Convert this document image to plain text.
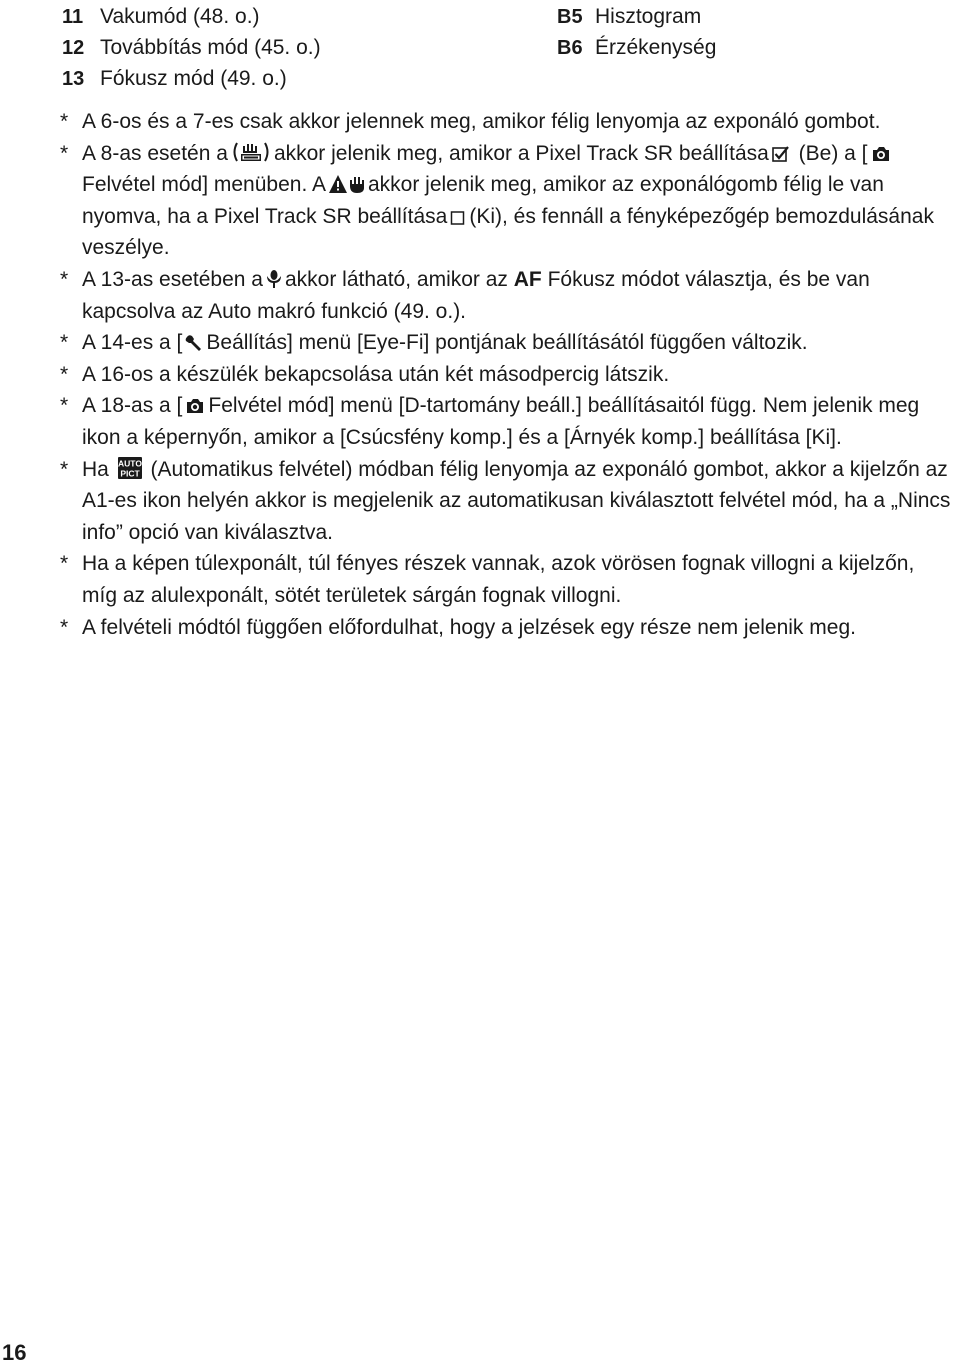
11 Vakumód (48. o.)
12 Továbbítás mód (45. o.)
13 Fókusz mód (49. o.)
B5 Hisztogram
B6 Érzékenység
* A 6-os és a 7-es csak akkor jelennek meg, amikor félig lenyomja az exponáló gombot.
* A 8-as esetén a akkor jelenik meg, amikor a Pixel Track SR beállítása (Be) a [
Felvétel mód] menüben. A akkor jelenik meg, amikor az exponálógomb félig le van nyomva, ha a Pixel Track SR beállítása (Ki), és fennáll a fényképezőgép bemozdulásának veszélye.
* A 13-as esetében a akkor látható, amikor az AF Fókusz módot választja, és be van kapcsolva az Auto makró funkció (49. o.).
* A 14-es a [ Beállítás] menü [Eye-Fi] pontjának beállításától függően változik.
* A 16-os a készülék bekapcsolása után két másodpercig látszik.
* A 18-as a [ Felvétel mód] menü [D-tartomány beáll.] beállításaitól függ. Nem jelenik meg ikon a képernyőn, amikor a [Csúcsfény komp.] és a [Árnyék komp.] beállítása [Ki].
* Ha AUTO
PICT (Automatikus felvétel) módban félig lenyomja az exponáló gombot, akkor a kijelzőn az A1-es ikon helyén akkor is megjelenik az automatikusan kiválasztott felvétel mód, ha a „Nincs info” opció van kiválasztva.
* Ha a képen túlexponált, túl fényes részek vannak, azok vörösen fognak villogni a kijelzőn, míg az alulexponált, sötét területek sárgán fognak villogni.
* A felvételi módtól függően előfordulhat, hogy a jelzések egy része nem jelenik meg.
16
